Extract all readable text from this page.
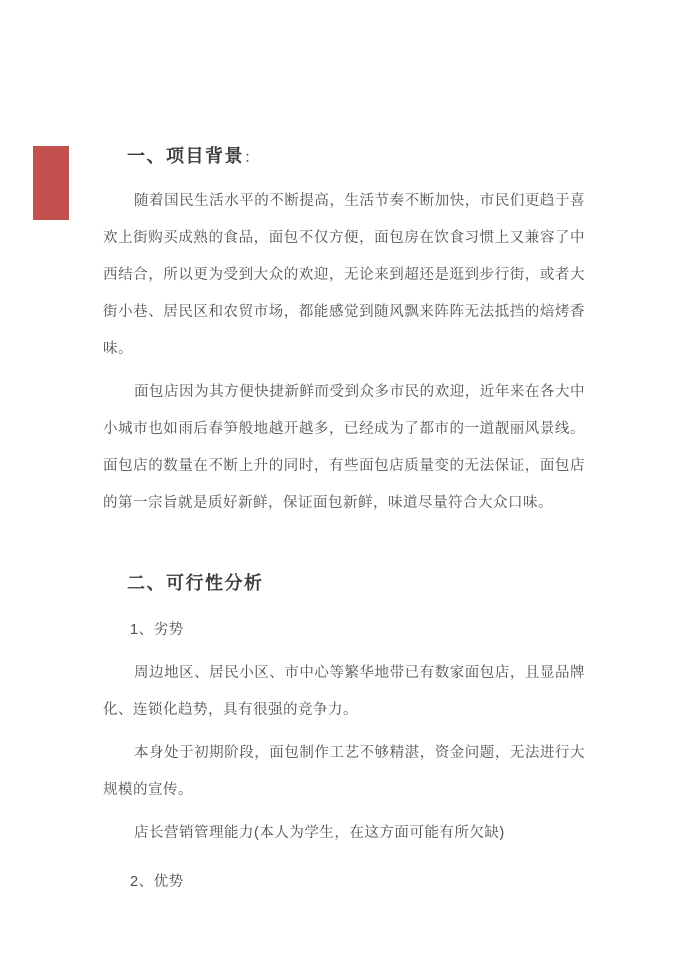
一、项目背景：

随着国民生活水平的不断提高，生活节奏不断加快，市民们更趋于喜欢上街购买成熟的食品，面包不仅方便，面包房在饮食习惯上又兼容了中西结合，所以更为受到大众的欢迎，无论来到超还是逛到步行街，或者大街小巷、居民区和农贸市场，都能感觉到随风飘来阵阵无法抵挡的焙烤香味。

面包店因为其方便快捷新鲜而受到众多市民的欢迎，近年来在各大中小城市也如雨后春笋般地越开越多，已经成为了都市的一道靓丽风景线。面包店的数量在不断上升的同时，有些面包店质量变的无法保证，面包店的第一宗旨就是质好新鲜，保证面包新鲜，味道尽量符合大众口味。

二、可行性分析

1、劣势

周边地区、居民小区、市中心等繁华地带已有数家面包店，且显品牌化、连锁化趋势，具有很强的竞争力。

本身处于初期阶段，面包制作工艺不够精湛，资金问题，无法进行大规模的宣传。

店长营销管理能力(本人为学生，在这方面可能有所欠缺)

2、优势
